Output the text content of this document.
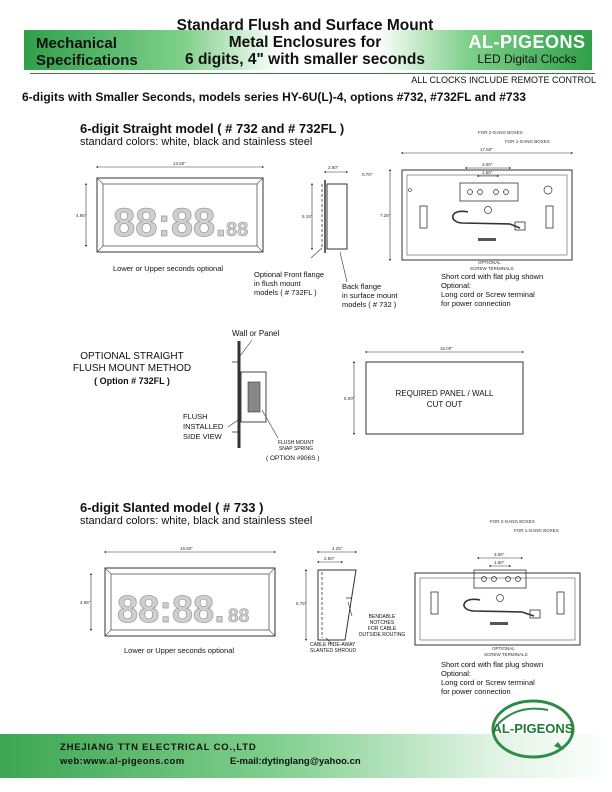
Mechanical
Specifications
Standard Flush and Surface Mount
Metal Enclosures for
6 digits, 4" with smaller seconds
AL-PIGEONS
LED Digital Clocks
ALL CLOCKS INCLUDE REMOTE CONTROL
6-digits with Smaller Seconds, models series HY-6U(L)-4, options #732, #732FL and #733
6-digit Straight model ( # 732 and # 732FL )
standard colors: white, black and stainless steel
88:88. 88
13.50"
4.95"
2.50"
0.70"
5.15"
17.50"
7.25"
3.00"
1.50"
FOR 2-GANG BOXES
FOR 1-GANG BOXES
OPTIONAL
SCREW TERMINALS
16.00"
5.00"
88:88. 88
16.50"
4.95"
4.25"
2.50"
6.75"
3.00"
1.50"
FOR 2-GANG BOXES
FOR 1-GANG BOXES
OPTIONAL
SCREW TERMINALS
Lower or Upper seconds optional
Optional Front flange
in flush mount
models ( # 732FL )
Back flange
in surface mount
models ( # 732 )
Short cord with flat plug shown
Optional:
Long cord or Screw terminal
for power connection
OPTIONAL STRAIGHT
FLUSH MOUNT METHOD
( Option # 732FL )
Wall or Panel
FLUSH
INSTALLED
SIDE VIEW
FLUSH MOUNT
SNAP SPRING
( OPTION #906S )
REQUIRED PANEL / WALL
CUT OUT
6-digit Slanted model ( # 733 )
standard colors: white, black and stainless steel
Lower or Upper seconds optional
CABLE HIDE-AWAY
SLANTED SHROUD
BENDABLE
NOTCHES
FOR CABLE
OUTSIDE ROUTING
Short cord with flat plug shown
Optional:
Long cord or Screw terminal
for power connection
AL-PIGEONS
ZHEJIANG TTN ELECTRICAL CO.,LTD
web:www.al-pigeons.com	E-mail:dytinglang@yahoo.cn
